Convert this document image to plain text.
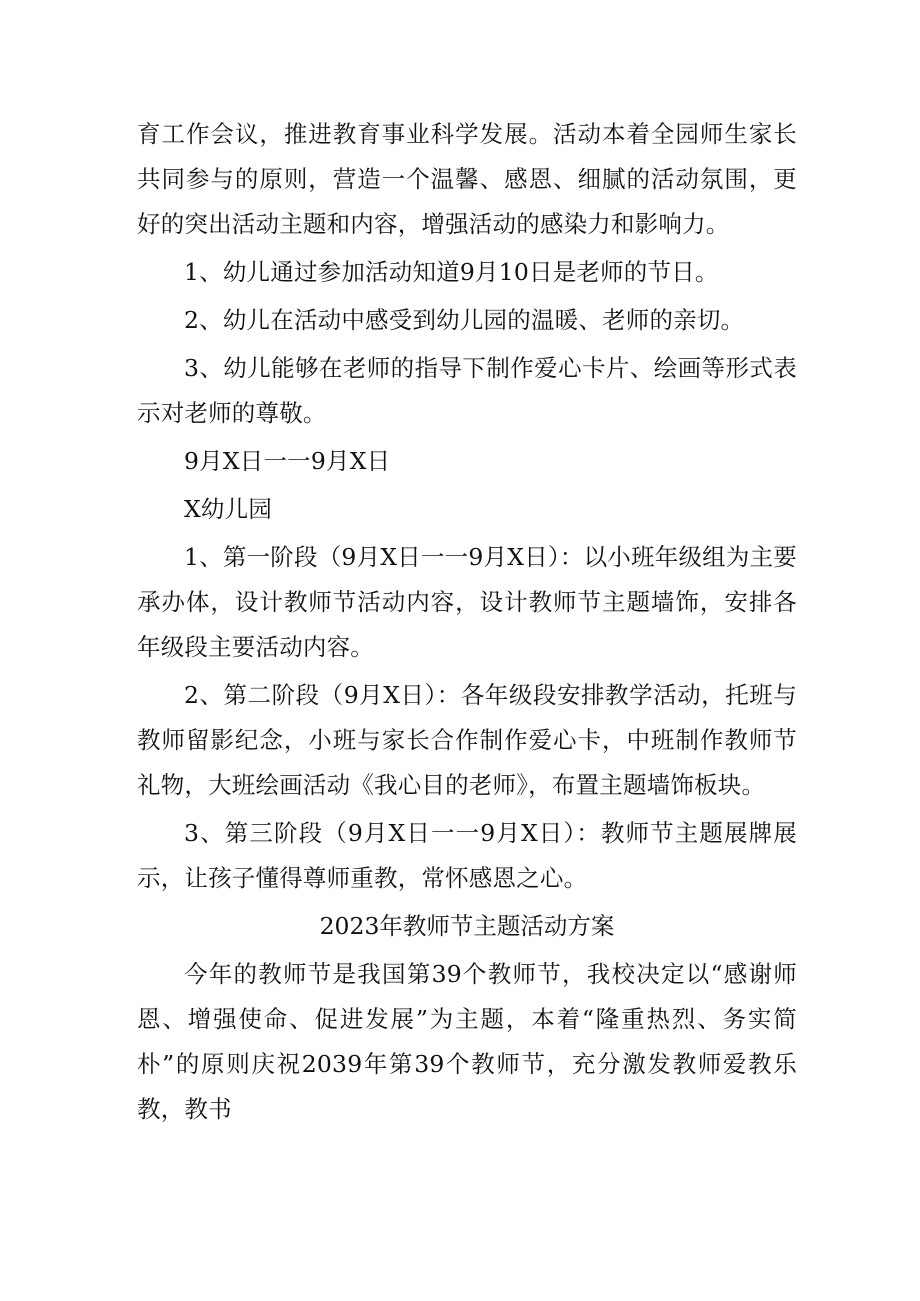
育工作会议，推进教育事业科学发展。活动本着全园师生家长共同参与的原则，营造一个温馨、感恩、细腻的活动氛围，更好的突出活动主题和内容，增强活动的感染力和影响力。

1、幼儿通过参加活动知道9月10日是老师的节日。

2、幼儿在活动中感受到幼儿园的温暖、老师的亲切。

3、幼儿能够在老师的指导下制作爱心卡片、绘画等形式表示对老师的尊敬。

9月X日一一9月X日

X幼儿园

1、第一阶段（9月X日一一9月X日）：以小班年级组为主要承办体，设计教师节活动内容，设计教师节主题墙饰，安排各年级段主要活动内容。

2、第二阶段（9月X日）：各年级段安排教学活动，托班与教师留影纪念，小班与家长合作制作爱心卡，中班制作教师节礼物，大班绘画活动《我心目的老师》，布置主题墙饰板块。

3、第三阶段（9月X日一一9月X日）：教师节主题展牌展示，让孩子懂得尊师重教，常怀感恩之心。

2023年教师节主题活动方案

今年的教师节是我国第39个教师节，我校决定以“感谢师恩、增强使命、促进发展”为主题，本着“隆重热烈、务实简朴”的原则庆祝2039年第39个教师节，充分激发教师爱教乐教，教书
